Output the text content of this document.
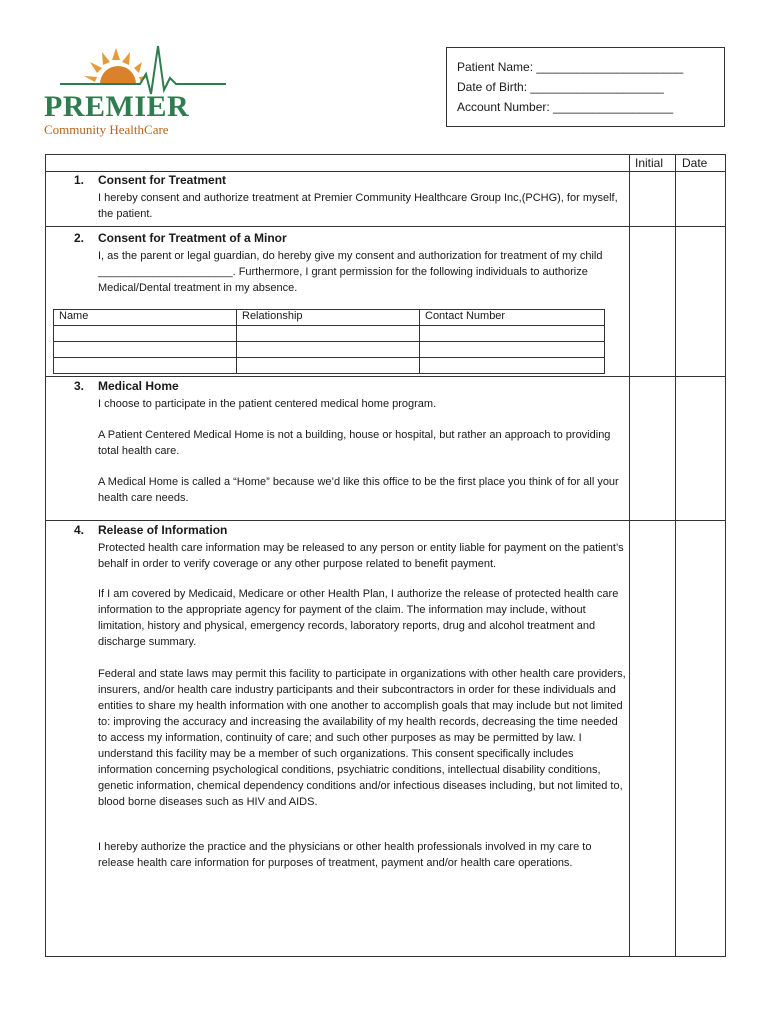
PREMIER
Community HealthCare
Patient Name: ______________________
Date of Birth: ____________________
Account Number: __________________
Initial Date
1. Consent for Treatment
I hereby consent and authorize treatment at Premier Community Healthcare Group Inc,(PCHG), for myself, the patient.
2. Consent for Treatment of a Minor
I, as the parent or legal guardian, do hereby give my consent and authorization for treatment of my child ______________________. Furthermore, I grant permission for the following individuals to authorize Medical/Dental treatment in my absence.
Name	Relationship	Contact Number

3. Medical Home
I choose to participate in the patient centered medical home program.
A Patient Centered Medical Home is not a building, house or hospital, but rather an approach to providing total health care.
A Medical Home is called a “Home” because we’d like this office to be the first place you think of for all your health care needs.
4. Release of Information
Protected health care information may be released to any person or entity liable for payment on the patient’s behalf in order to verify coverage or any other purpose related to benefit payment.
If I am covered by Medicaid, Medicare or other Health Plan, I authorize the release of protected health care information to the appropriate agency for payment of the claim. The information may include, without limitation, history and physical, emergency records, laboratory reports, drug and alcohol treatment and discharge summary.
Federal and state laws may permit this facility to participate in organizations with other health care providers, insurers, and/or health care industry participants and their subcontractors in order for these individuals and entities to share my health information with one another to accomplish goals that may include but not limited to: improving the accuracy and increasing the availability of my health records, decreasing the time needed to access my information, continuity of care; and such other purposes as may be permitted by law. I understand this facility may be a member of such organizations. This consent specifically includes information concerning psychological conditions, psychiatric conditions, intellectual disability conditions, genetic information, chemical dependency conditions and/or infectious diseases including, but not limited to, blood borne diseases such as HIV and AIDS.
I hereby authorize the practice and the physicians or other health professionals involved in my care to release health care information for purposes of treatment, payment and/or health care operations.
